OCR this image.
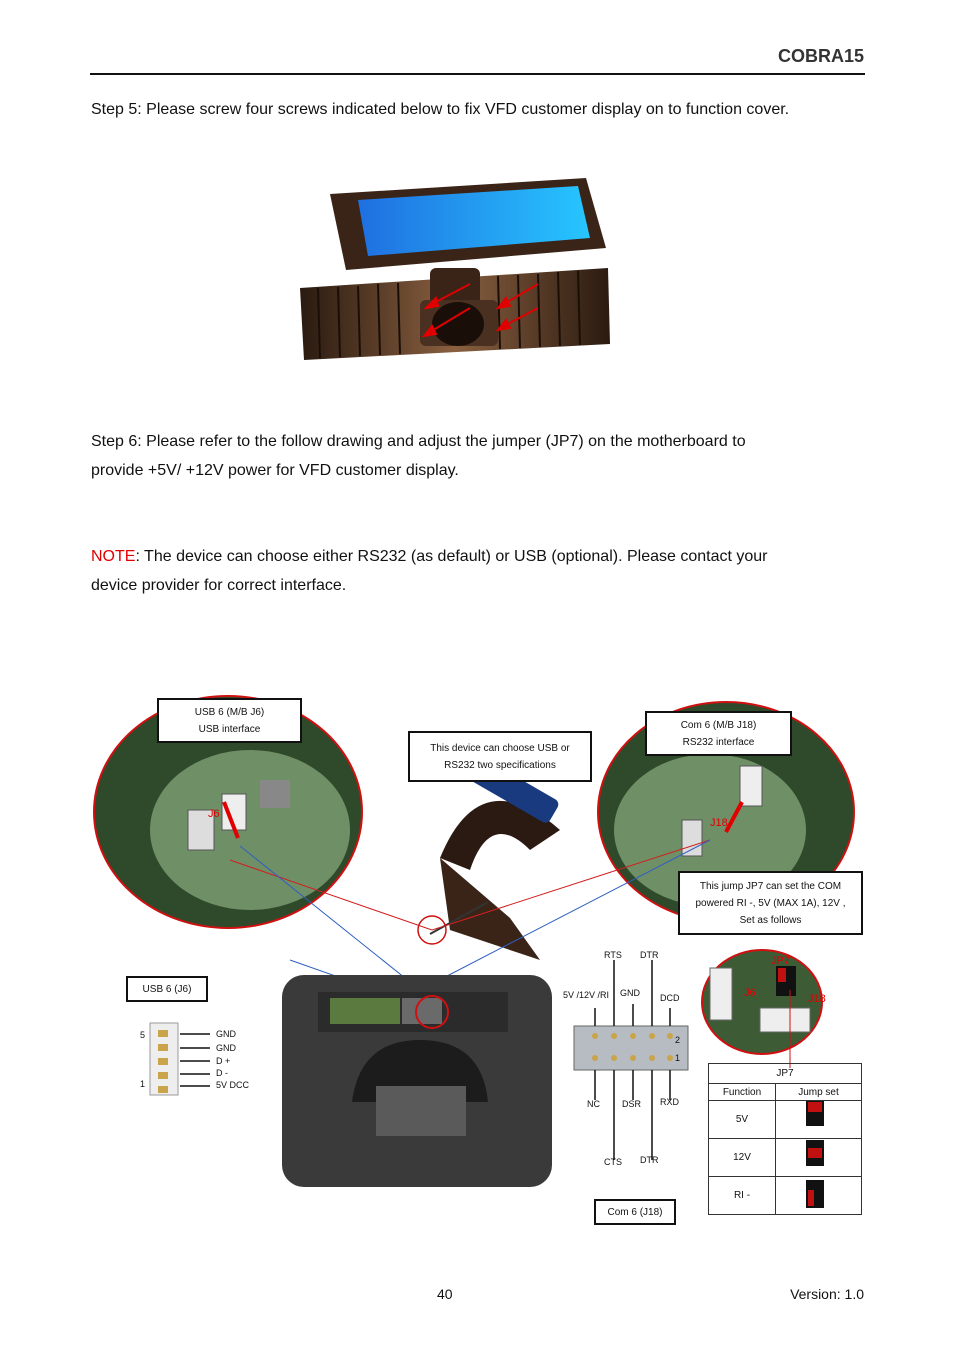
COBRA15
Step 5: Please screw four screws indicated below to fix VFD customer display on to function cover.
Step 6: Please refer to the follow drawing and adjust the jumper (JP7) on the motherboard to
provide +5V/ +12V power for VFD customer display.
NOTE: The device can choose either RS232 (as default) or USB (optional). Please contact your
device provider for correct interface.
USB 6 (M/B J6)
USB interface
This device can choose USB or
RS232 two specifications
Com 6 (M/B J18)
RS232 interface
This jump JP7 can set the COM
powered RI -, 5V (MAX 1A), 12V ,
Set as follows
USB 6 (J6)
Com 6 (J18)
J6
J18
JP7
J6	J18
5
1
GND
GND
D +
D -
5V DCC
RTS DTR
5V /12V /RI GND DCD
2
1
NC DSR RXD
CTS DTR
JP7	
Function	Jump set
5V	
12V	
RI -	
40	Version: 1.0
